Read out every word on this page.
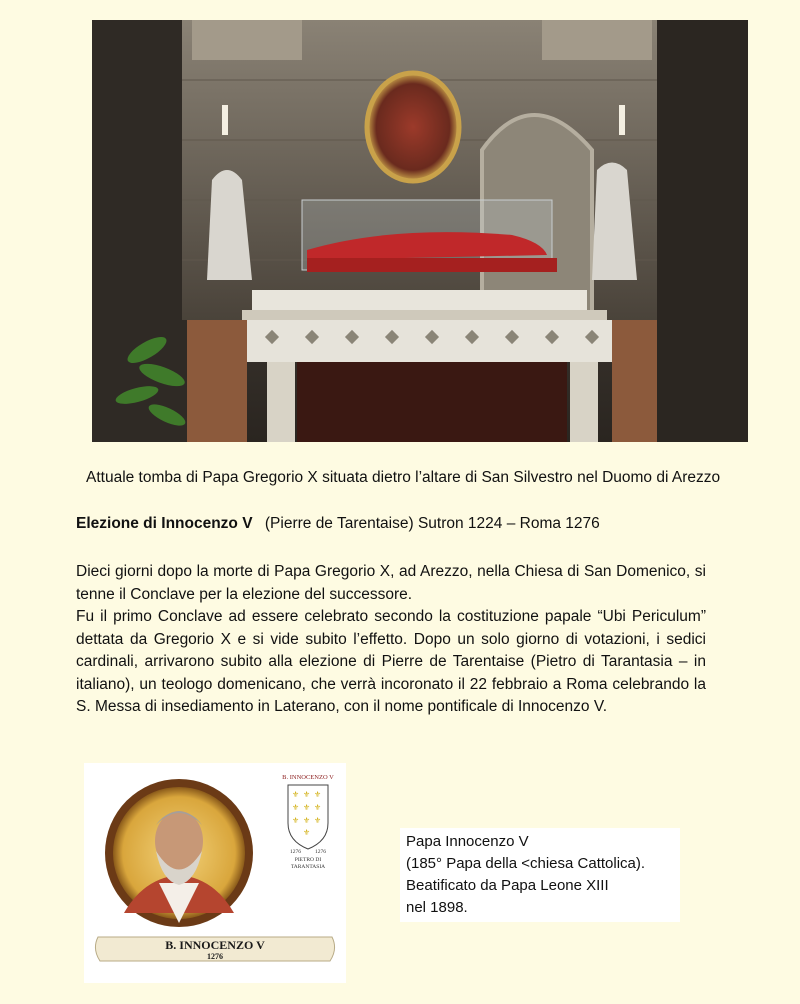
Attuale tomba di Papa Gregorio X situata dietro l’altare di San Silvestro nel Duomo di Arezzo
Elezione di Innocenzo V (Pierre de Tarentaise) Sutron 1224 – Roma 1276

Dieci giorni dopo la morte di Papa Gregorio X, ad Arezzo, nella Chiesa di San Domenico, si tenne il Conclave per la elezione del successore.

Fu il primo Conclave ad essere celebrato secondo la costituzione papale “Ubi Periculum” dettata da Gregorio X e si vide subito l’effetto. Dopo un solo giorno di votazioni, i sedici cardinali, arrivarono subito alla elezione di Pierre de Tarentaise (Pietro di Tarantasia – in italiano), un teologo domenicano, che verrà incoronato il 22 febbraio a Roma celebrando la S. Messa di insediamento in Laterano, con il nome pontificale di Innocenzo V.

B. INNOCENZO V
1276
B. INNOCENZO V
⚜ ⚜ ⚜
⚜ ⚜ ⚜
⚜ ⚜ ⚜
⚜
1276	1276
PIETRO DI
TARANTASIA
Papa Innocenzo V
(185° Papa della <chiesa Cattolica).
Beatificato da Papa Leone XIII
nel 1898.
